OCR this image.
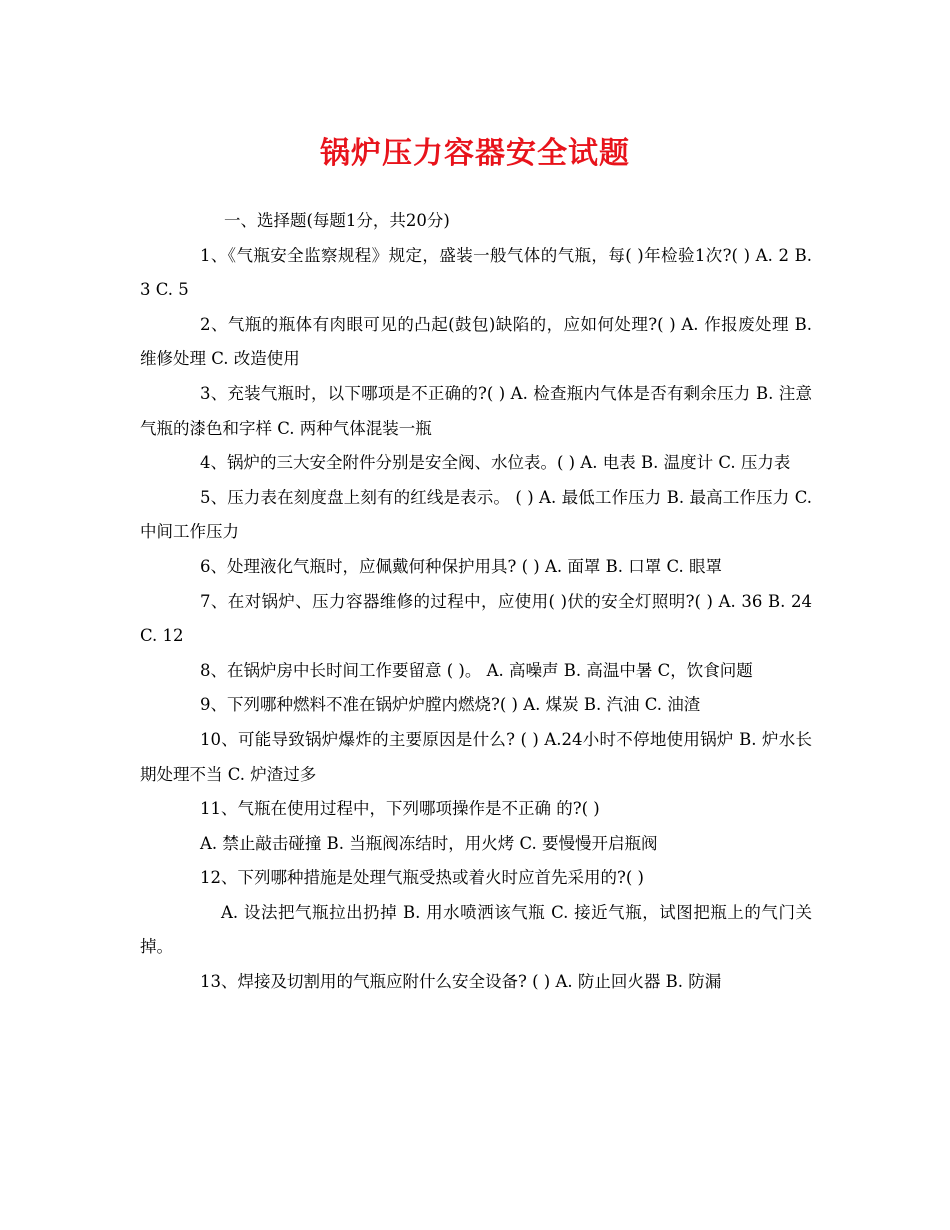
锅炉压力容器安全试题

一、选择题(每题1分，共20分)

1、《气瓶安全监察规程》规定，盛装一般气体的气瓶，每( )年检验1次?( ) A. 2 B. 3 C. 5

2、气瓶的瓶体有肉眼可见的凸起(鼓包)缺陷的，应如何处理?( ) A. 作报废处理 B. 维修处理 C. 改造使用

3、充装气瓶时，以下哪项是不正确的?( ) A. 检查瓶内气体是否有剩余压力 B. 注意气瓶的漆色和字样 C. 两种气体混装一瓶

4、锅炉的三大安全附件分别是安全阀、水位表。( ) A. 电表 B. 温度计 C. 压力表

5、压力表在刻度盘上刻有的红线是表示。 ( ) A. 最低工作压力 B. 最高工作压力 C. 中间工作压力

6、处理液化气瓶时，应佩戴何种保护用具? ( ) A. 面罩 B. 口罩 C. 眼罩

7、在对锅炉、压力容器维修的过程中，应使用( )伏的安全灯照明?( ) A. 36 B. 24 C. 12

8、在锅炉房中长时间工作要留意 ( )。 A. 高噪声 B. 高温中暑 C，饮食问题

9、下列哪种燃料不准在锅炉炉膛内燃烧?( ) A. 煤炭 B. 汽油 C. 油渣

10、可能导致锅炉爆炸的主要原因是什么? ( ) A.24小时不停地使用锅炉 B. 炉水长期处理不当 C. 炉渣过多

11、气瓶在使用过程中，下列哪项操作是不正确 的?( )

A. 禁止敲击碰撞 B. 当瓶阀冻结时，用火烤 C. 要慢慢开启瓶阀

12、下列哪种措施是处理气瓶受热或着火时应首先采用的?( )

A. 设法把气瓶拉出扔掉 B. 用水喷洒该气瓶 C. 接近气瓶，试图把瓶上的气门关掉。

13、焊接及切割用的气瓶应附什么安全设备? ( ) A. 防止回火器 B. 防漏
